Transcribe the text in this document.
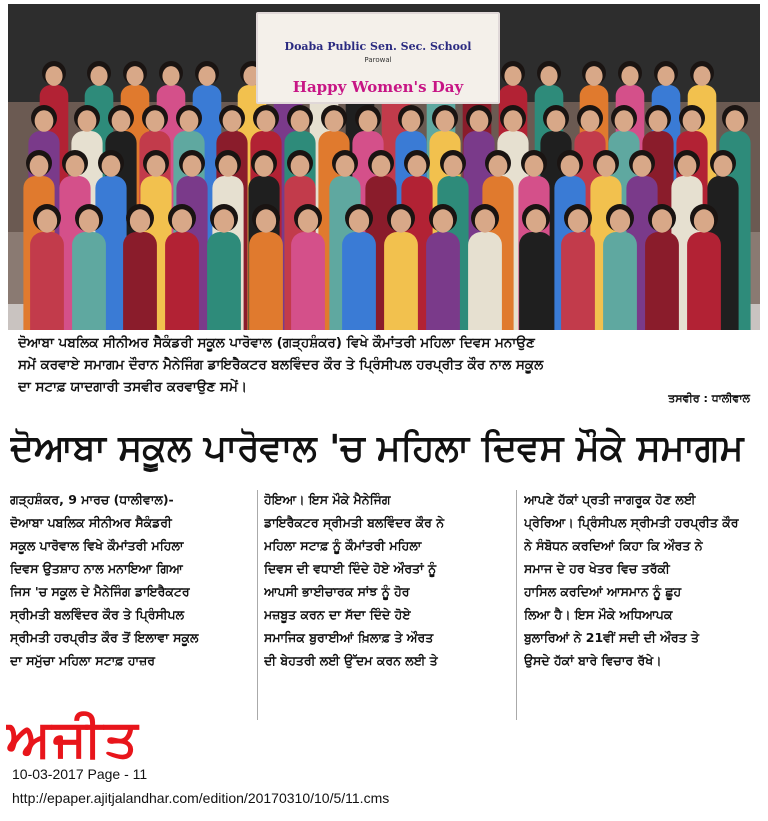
Doaba Public Sen. Sec. School
Parowal
Happy Women's Day
ਦੋਆਬਾ ਪਬਲਿਕ ਸੀਨੀਅਰ ਸੈਕੰਡਰੀ ਸਕੂਲ ਪਾਰੋਵਾਲ (ਗੜ੍ਹਸ਼ੰਕਰ) ਵਿਖੇ ਕੌਮਾਂਤਰੀ ਮਹਿਲਾ ਦਿਵਸ ਮਨਾਉਣ
ਸਮੇਂ ਕਰਵਾਏ ਸਮਾਗਮ ਦੌਰਾਨ ਮੈਨੇਜਿੰਗ ਡਾਇਰੈਕਟਰ ਬਲਵਿੰਦਰ ਕੌਰ ਤੇ ਪ੍ਰਿੰਸੀਪਲ ਹਰਪ੍ਰੀਤ ਕੌਰ ਨਾਲ ਸਕੂਲ
ਦਾ ਸਟਾਫ਼ ਯਾਦਗਾਰੀ ਤਸਵੀਰ ਕਰਵਾਉਣ ਸਮੇਂ।
ਤਸਵੀਰ : ਧਾਲੀਵਾਲ
ਦੋਆਬਾ ਸਕੂਲ ਪਾਰੋਵਾਲ 'ਚ ਮਹਿਲਾ ਦਿਵਸ ਮੌਕੇ ਸਮਾਗਮ
ਗੜ੍ਹਸ਼ੰਕਰ, 9 ਮਾਰਚ (ਧਾਲੀਵਾਲ)-
ਦੋਆਬਾ ਪਬਲਿਕ ਸੀਨੀਅਰ ਸੈਕੰਡਰੀ
ਸਕੂਲ ਪਾਰੋਵਾਲ ਵਿਖੇ ਕੌਮਾਂਤਰੀ ਮਹਿਲਾ
ਦਿਵਸ ਉਤਸ਼ਾਹ ਨਾਲ ਮਨਾਇਆ ਗਿਆ
ਜਿਸ 'ਚ ਸਕੂਲ ਦੇ ਮੈਨੇਜਿੰਗ ਡਾਇਰੈਕਟਰ
ਸ੍ਰੀਮਤੀ ਬਲਵਿੰਦਰ ਕੌਰ ਤੇ ਪ੍ਰਿੰਸੀਪਲ
ਸ੍ਰੀਮਤੀ ਹਰਪ੍ਰੀਤ ਕੌਰ ਤੋਂ ਇਲਾਵਾ ਸਕੂਲ
ਦਾ ਸਮੁੱਚਾ ਮਹਿਲਾ ਸਟਾਫ਼ ਹਾਜ਼ਰ
ਹੋਇਆ। ਇਸ ਮੌਕੇ ਮੈਨੇਜਿੰਗ
ਡਾਇਰੈਕਟਰ ਸ੍ਰੀਮਤੀ ਬਲਵਿੰਦਰ ਕੌਰ ਨੇ
ਮਹਿਲਾ ਸਟਾਫ਼ ਨੂੰ ਕੌਮਾਂਤਰੀ ਮਹਿਲਾ
ਦਿਵਸ ਦੀ ਵਧਾਈ ਦਿੰਦੇ ਹੋਏ ਔਰਤਾਂ ਨੂੰ
ਆਪਸੀ ਭਾਈਚਾਰਕ ਸਾਂਝ ਨੂੰ ਹੋਰ
ਮਜ਼ਬੂਤ ਕਰਨ ਦਾ ਸੱਦਾ ਦਿੰਦੇ ਹੋਏ
ਸਮਾਜਿਕ ਬੁਰਾਈਆਂ ਖ਼ਿਲਾਫ਼ ਤੇ ਔਰਤ
ਦੀ ਬੇਹਤਰੀ ਲਈ ਉੱਦਮ ਕਰਨ ਲਈ ਤੇ
ਆਪਣੇ ਹੱਕਾਂ ਪ੍ਰਤੀ ਜਾਗਰੂਕ ਹੋਣ ਲਈ
ਪ੍ਰੇਰਿਆ। ਪ੍ਰਿੰਸੀਪਲ ਸ੍ਰੀਮਤੀ ਹਰਪ੍ਰੀਤ ਕੌਰ
ਨੇ ਸੰਬੋਧਨ ਕਰਦਿਆਂ ਕਿਹਾ ਕਿ ਔਰਤ ਨੇ
ਸਮਾਜ ਦੇ ਹਰ ਖੇਤਰ ਵਿਚ ਤਰੱਕੀ
ਹਾਸਿਲ ਕਰਦਿਆਂ ਆਸਮਾਨ ਨੂੰ ਛੂਹ
ਲਿਆ ਹੈ। ਇਸ ਮੌਕੇ ਅਧਿਆਪਕ
ਬੁਲਾਰਿਆਂ ਨੇ 21ਵੀਂ ਸਦੀ ਦੀ ਔਰਤ ਤੇ
ਉਸਦੇ ਹੱਕਾਂ ਬਾਰੇ ਵਿਚਾਰ ਰੱਖੇ।
ਅਜੀਤ
10-03-2017 Page - 11
http://epaper.ajitjalandhar.com/edition/20170310/10/5/11.cms
